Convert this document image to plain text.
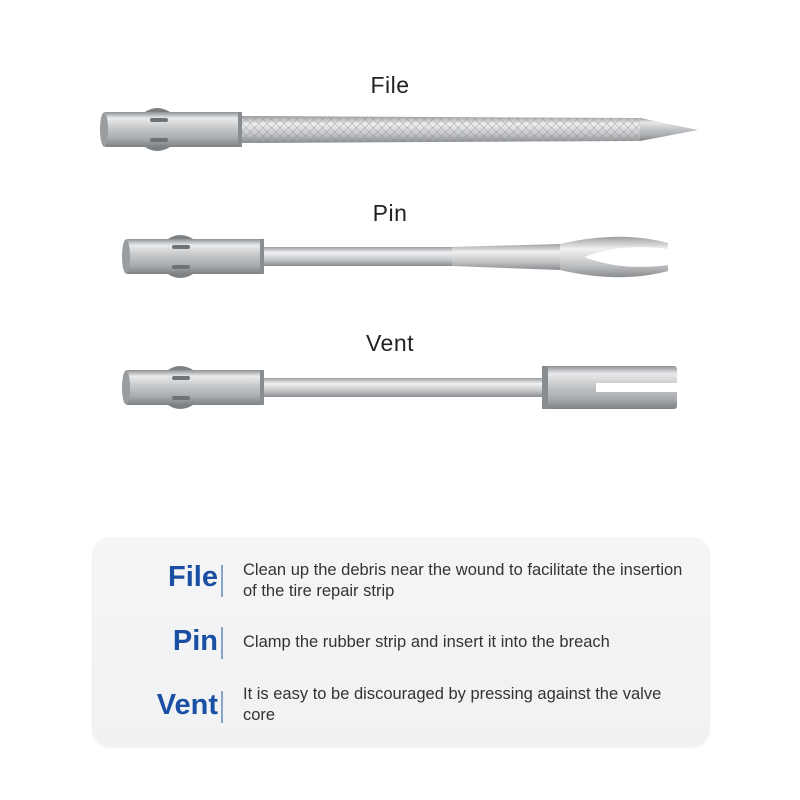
File
Pin
Vent
File Clean up the debris near the wound to facilitate the insertion of the tire repair strip
Pin Clamp the rubber strip and insert it into the breach
Vent It is easy to be discouraged by pressing against the valve core
